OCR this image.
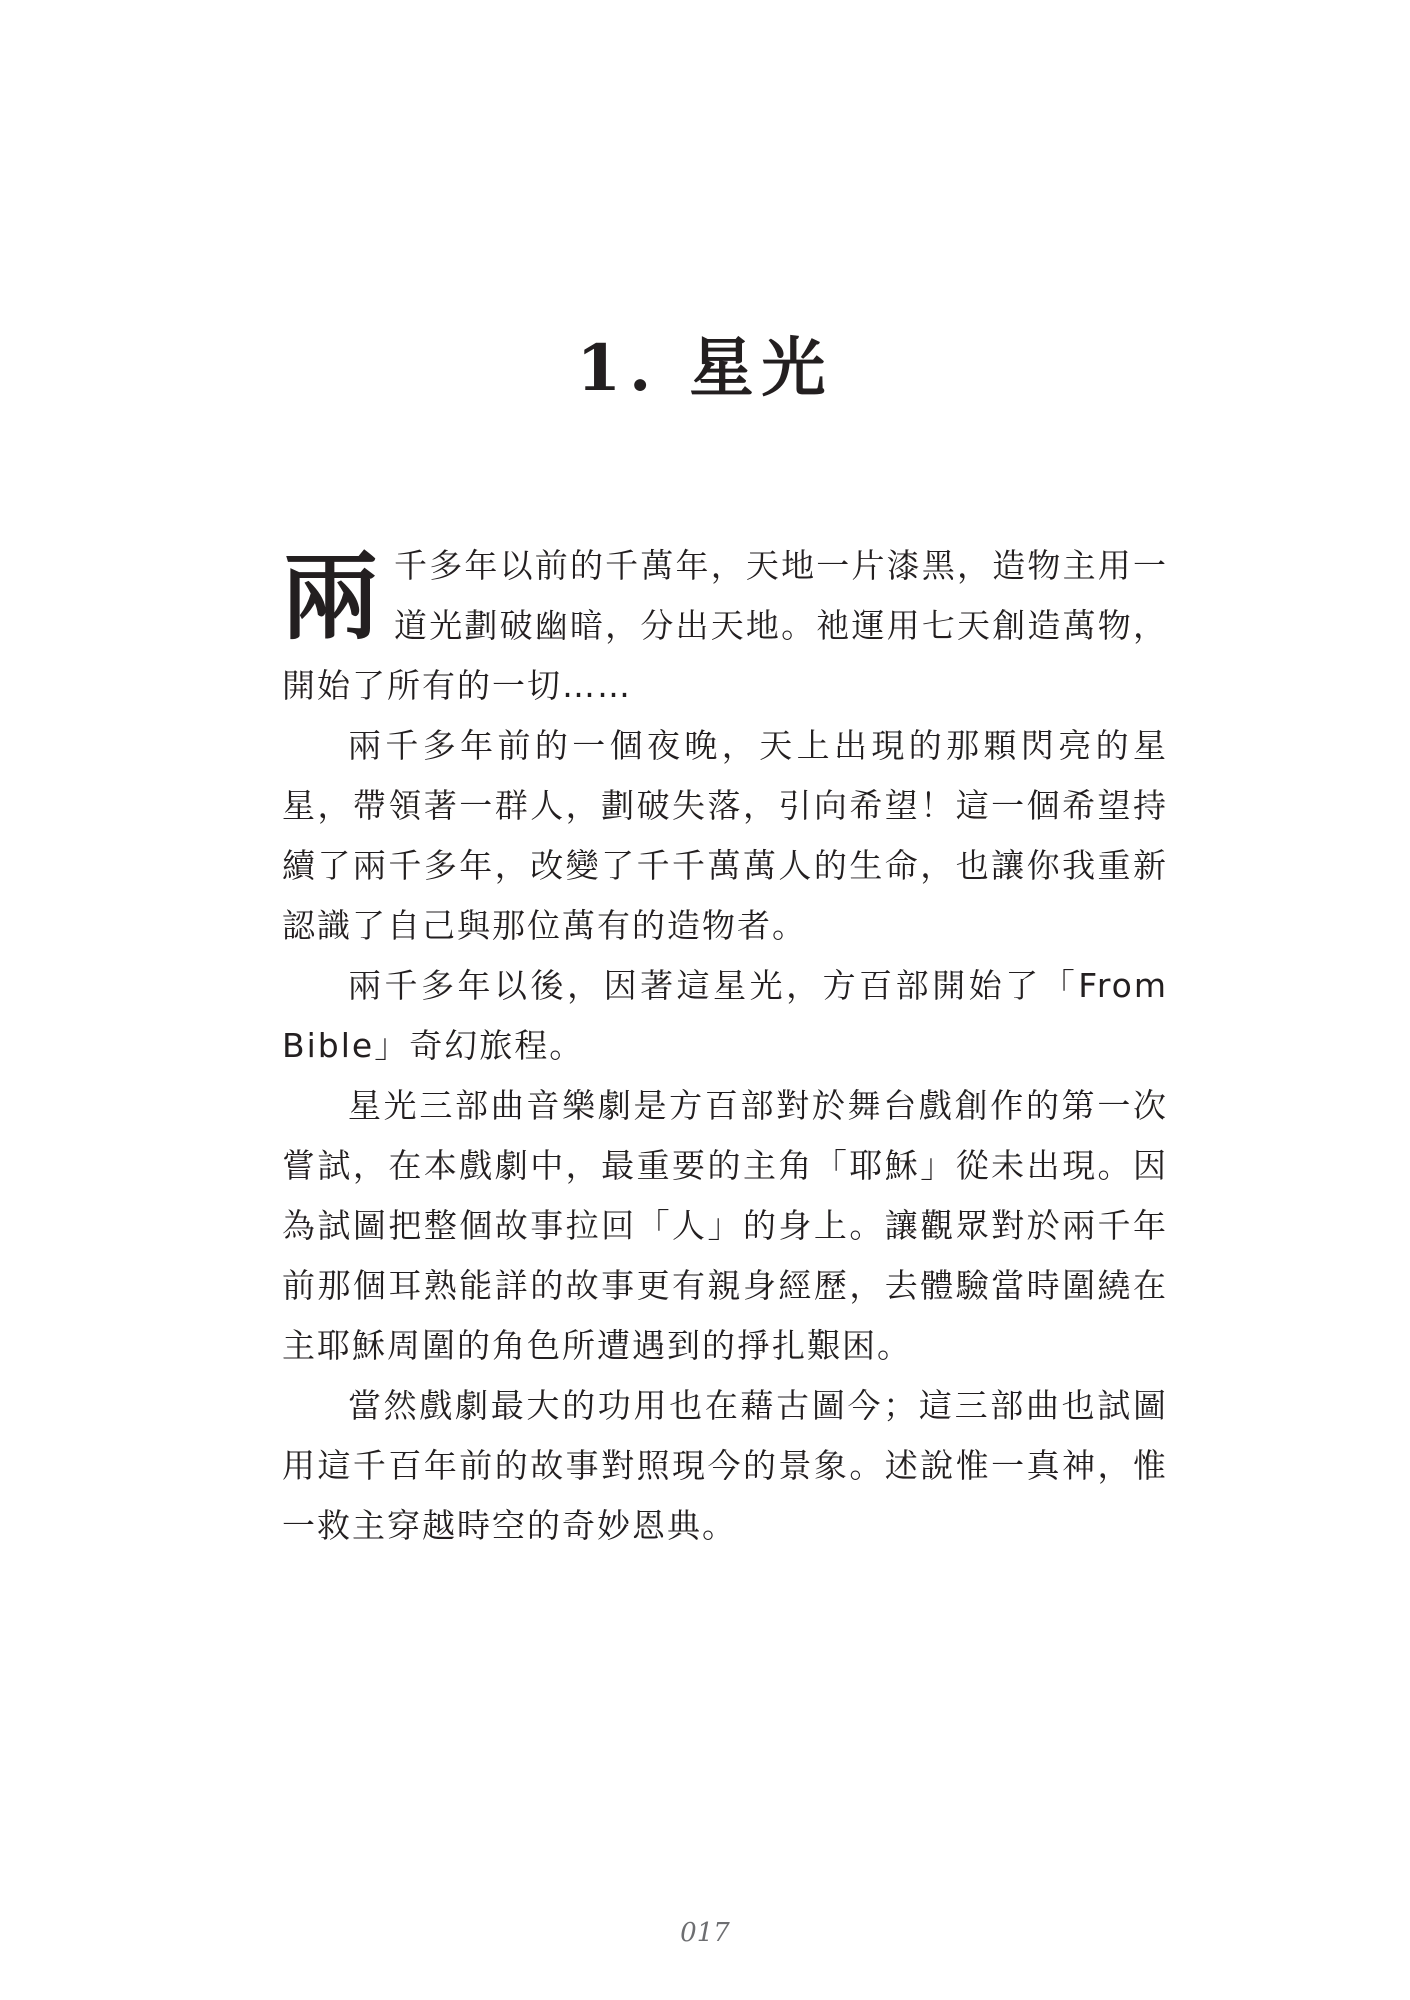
1. 星光

兩千多年以前的千萬年，天地一片漆黑，造物主用一道光劃破幽暗，分出天地。祂運用七天創造萬物，開始了所有的一切……

兩千多年前的一個夜晚，天上出現的那顆閃亮的星星，帶領著一群人，劃破失落，引向希望！這一個希望持續了兩千多年，改變了千千萬萬人的生命，也讓你我重新認識了自己與那位萬有的造物者。

兩千多年以後，因著這星光，方百部開始了「From Bible」奇幻旅程。

星光三部曲音樂劇是方百部對於舞台戲創作的第一次嘗試，在本戲劇中，最重要的主角「耶穌」從未出現。因為試圖把整個故事拉回「人」的身上。讓觀眾對於兩千年前那個耳熟能詳的故事更有親身經歷，去體驗當時圍繞在主耶穌周圍的角色所遭遇到的掙扎艱困。

當然戲劇最大的功用也在藉古圖今；這三部曲也試圖用這千百年前的故事對照現今的景象。述說惟一真神，惟一救主穿越時空的奇妙恩典。

017
